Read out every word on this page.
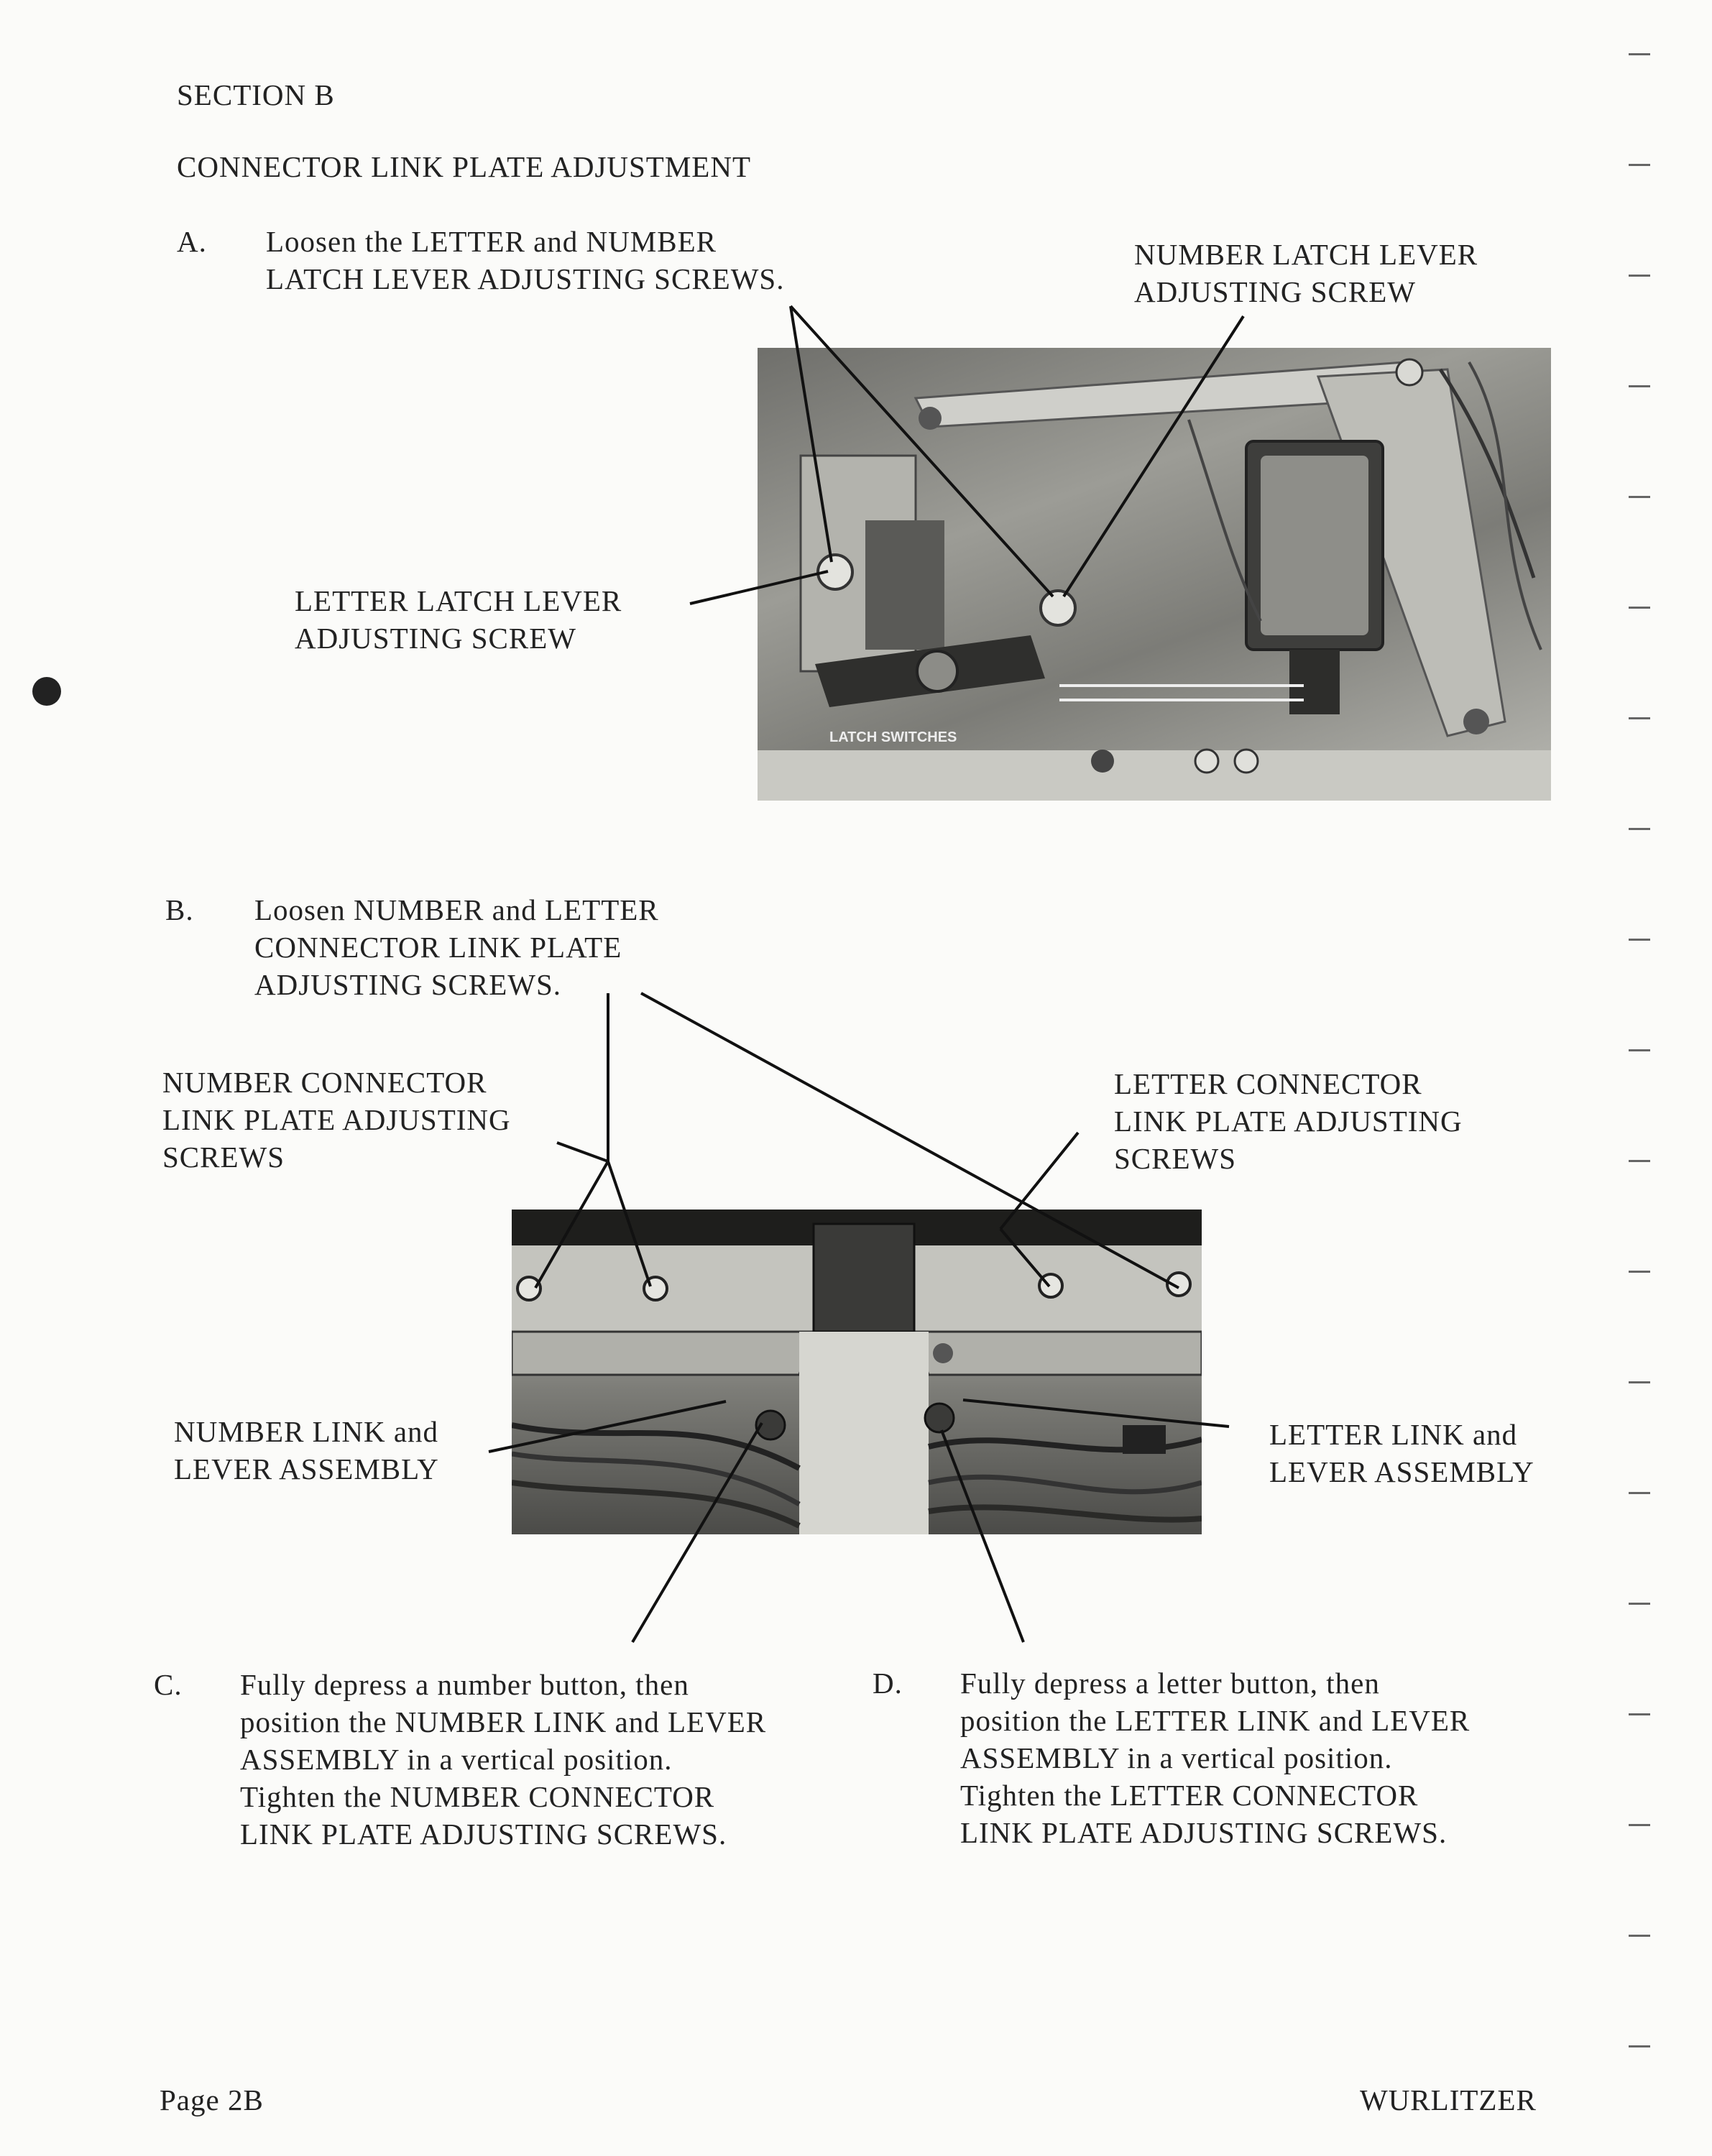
SECTION B
CONNECTOR LINK PLATE ADJUSTMENT
A. Loosen the LETTER and NUMBER
LATCH LEVER ADJUSTING SCREWS.
NUMBER LATCH LEVER
ADJUSTING SCREW
LETTER LATCH LEVER
ADJUSTING SCREW
LATCH SWITCHES
B. Loosen NUMBER and LETTER
CONNECTOR LINK PLATE
ADJUSTING SCREWS.
NUMBER CONNECTOR
LINK PLATE ADJUSTING
SCREWS
LETTER CONNECTOR
LINK PLATE ADJUSTING
SCREWS
NUMBER LINK and
LEVER ASSEMBLY
LETTER LINK and
LEVER ASSEMBLY
C. Fully depress a number button, then
position the NUMBER LINK and LEVER
ASSEMBLY in a vertical position.
Tighten the NUMBER CONNECTOR
LINK PLATE ADJUSTING SCREWS.
D. Fully depress a letter button, then
position the LETTER LINK and LEVER
ASSEMBLY in a vertical position.
Tighten the LETTER CONNECTOR
LINK PLATE ADJUSTING SCREWS.
Page 2B	WURLITZER
